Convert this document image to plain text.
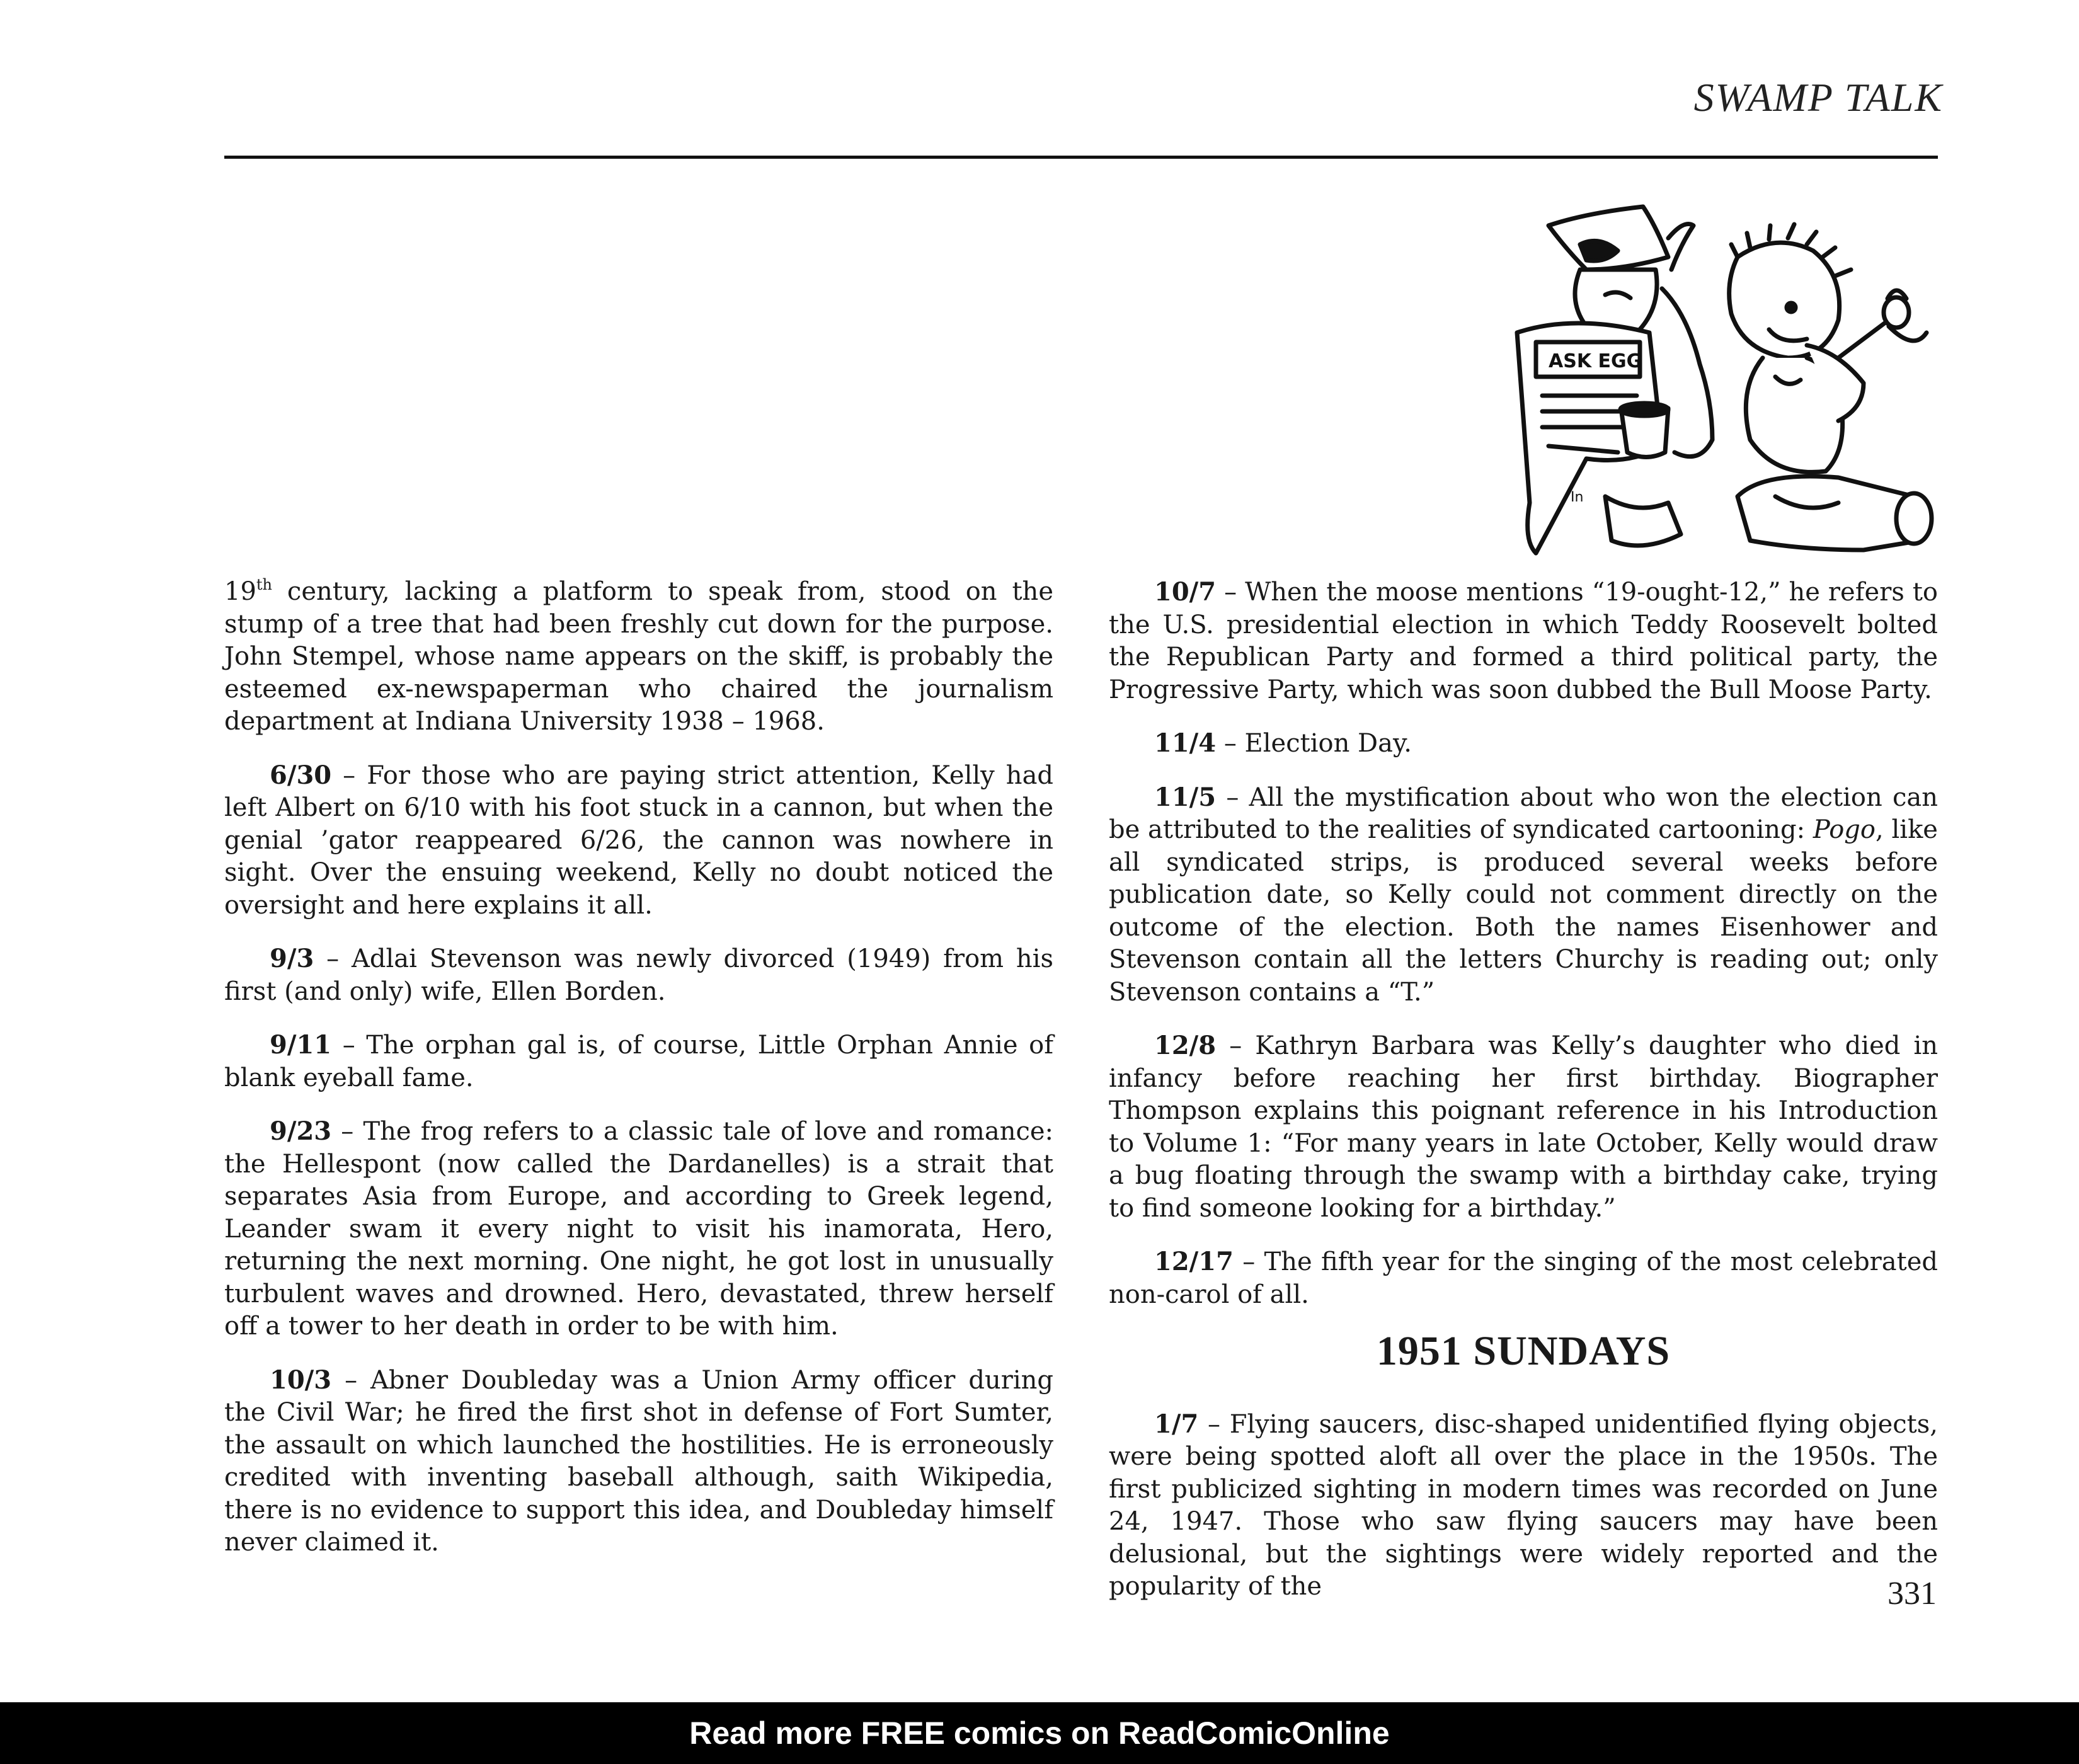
SWAMP TALK
ASK EGG
In

19th century, lacking a platform to speak from, stood on the stump of a tree that had been freshly cut down for the purpose. John Stempel, whose name appears on the skiff, is probably the esteemed ex-newspaperman who chaired the journalism department at Indiana University 1938 – 1968.

6/30 – For those who are paying strict attention, Kelly had left Albert on 6/10 with his foot stuck in a cannon, but when the genial ’gator reappeared 6/26, the cannon was nowhere in sight. Over the ensuing weekend, Kelly no doubt noticed the oversight and here explains it all.

9/3 – Adlai Stevenson was newly divorced (1949) from his first (and only) wife, Ellen Borden.

9/11 – The orphan gal is, of course, Little Orphan Annie of blank eyeball fame.

9/23 – The frog refers to a classic tale of love and romance: the Hellespont (now called the Dardanelles) is a strait that separates Asia from Europe, and according to Greek legend, Leander swam it every night to visit his inamorata, Hero, returning the next morning. One night, he got lost in unusually turbulent waves and drowned. Hero, devastated, threw herself off a tower to her death in order to be with him.

10/3 – Abner Doubleday was a Union Army officer during the Civil War; he fired the first shot in defense of Fort Sumter, the assault on which launched the hostilities. He is erroneously credited with inventing baseball although, saith Wikipedia, there is no evidence to support this idea, and Doubleday himself never claimed it.

10/7 – When the moose mentions “19-ought-12,” he refers to the U.S. presidential election in which Teddy Roosevelt bolted the Republican Party and formed a third political party, the Progressive Party, which was soon dubbed the Bull Moose Party.

11/4 – Election Day.

11/5 – All the mystification about who won the election can be attributed to the realities of syndicated cartooning: Pogo, like all syndicated strips, is produced several weeks before publication date, so Kelly could not comment directly on the outcome of the election. Both the names Eisenhower and Stevenson contain all the letters Churchy is reading out; only Stevenson contains a “T.”

12/8 – Kathryn Barbara was Kelly’s daughter who died in infancy before reaching her first birthday. Biographer Thompson explains this poignant reference in his Introduction to Volume 1: “For many years in late October, Kelly would draw a bug floating through the swamp with a birthday cake, trying to find someone looking for a birthday.”

12/17 – The fifth year for the singing of the most celebrated non-carol of all.

1951 SUNDAYS

1/7 – Flying saucers, disc-shaped unidentified flying objects, were being spotted aloft all over the place in the 1950s. The first publicized sighting in modern times was recorded on June 24, 1947. Those who saw flying saucers may have been delusional, but the sightings were widely reported and the popularity of the	331
Read more FREE comics on ReadComicOnline
